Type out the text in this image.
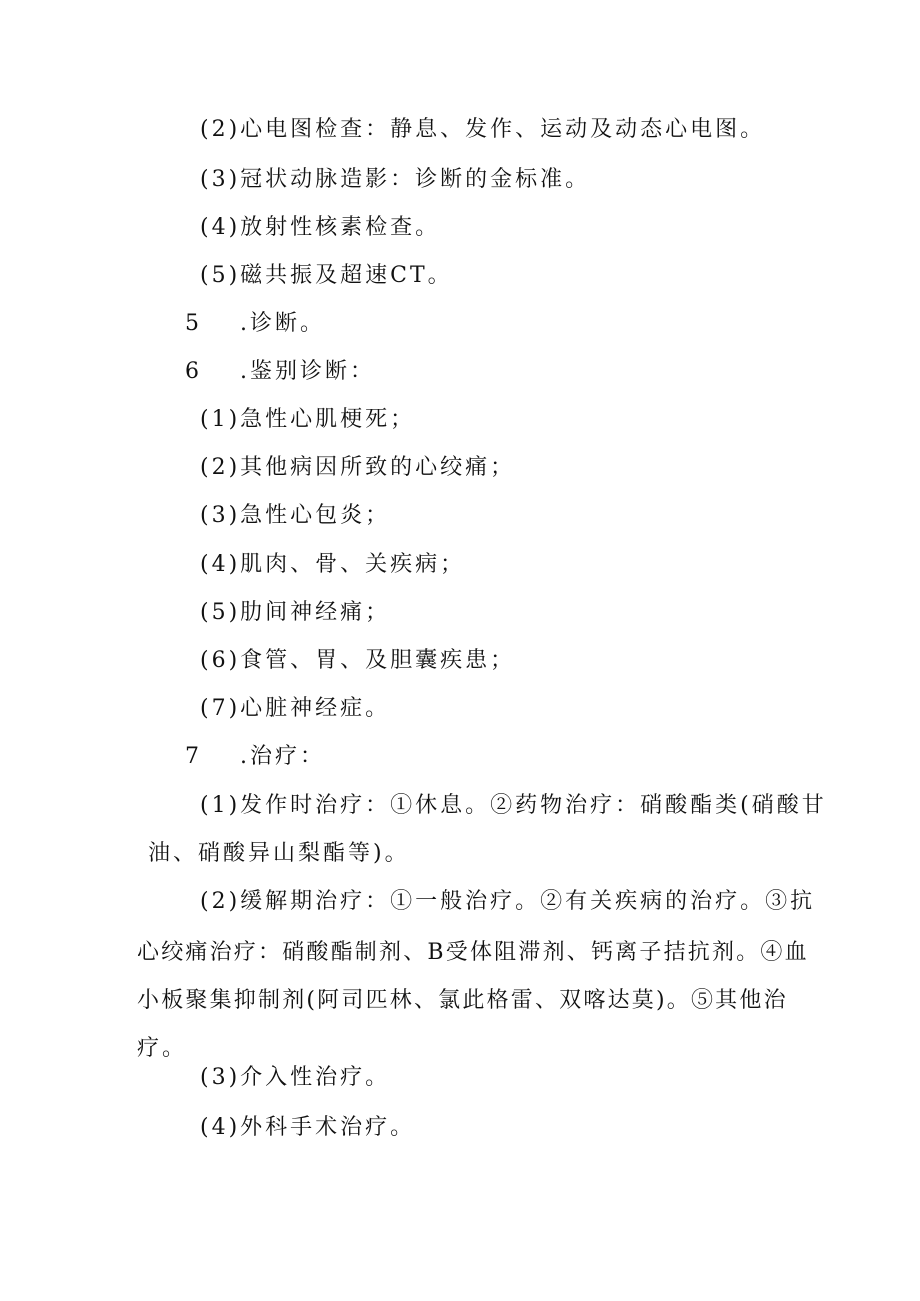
(2)心电图检查：静息、发作、运动及动态心电图。
(3)冠状动脉造影：诊断的金标准。
(4)放射性核素检查。
(5)磁共振及超速CT。
5 .诊断。
6 .鉴别诊断：
(1)急性心肌梗死；
(2)其他病因所致的心绞痛；
(3)急性心包炎；
(4)肌肉、骨、关疾病；
(5)肋间神经痛；
(6)食管、胃、及胆囊疾患；
(7)心脏神经症。
7 .治疗：
(1)发作时治疗：①休息。②药物治疗：硝酸酯类(硝酸甘
油、硝酸异山梨酯等)。
(2)缓解期治疗：①一般治疗。②有关疾病的治疗。③抗
心绞痛治疗：硝酸酯制剂、B受体阻滞剂、钙离子拮抗剂。④血
小板聚集抑制剂(阿司匹林、氯此格雷、双喀达莫)。⑤其他治
疗。
(3)介入性治疗。
(4)外科手术治疗。
